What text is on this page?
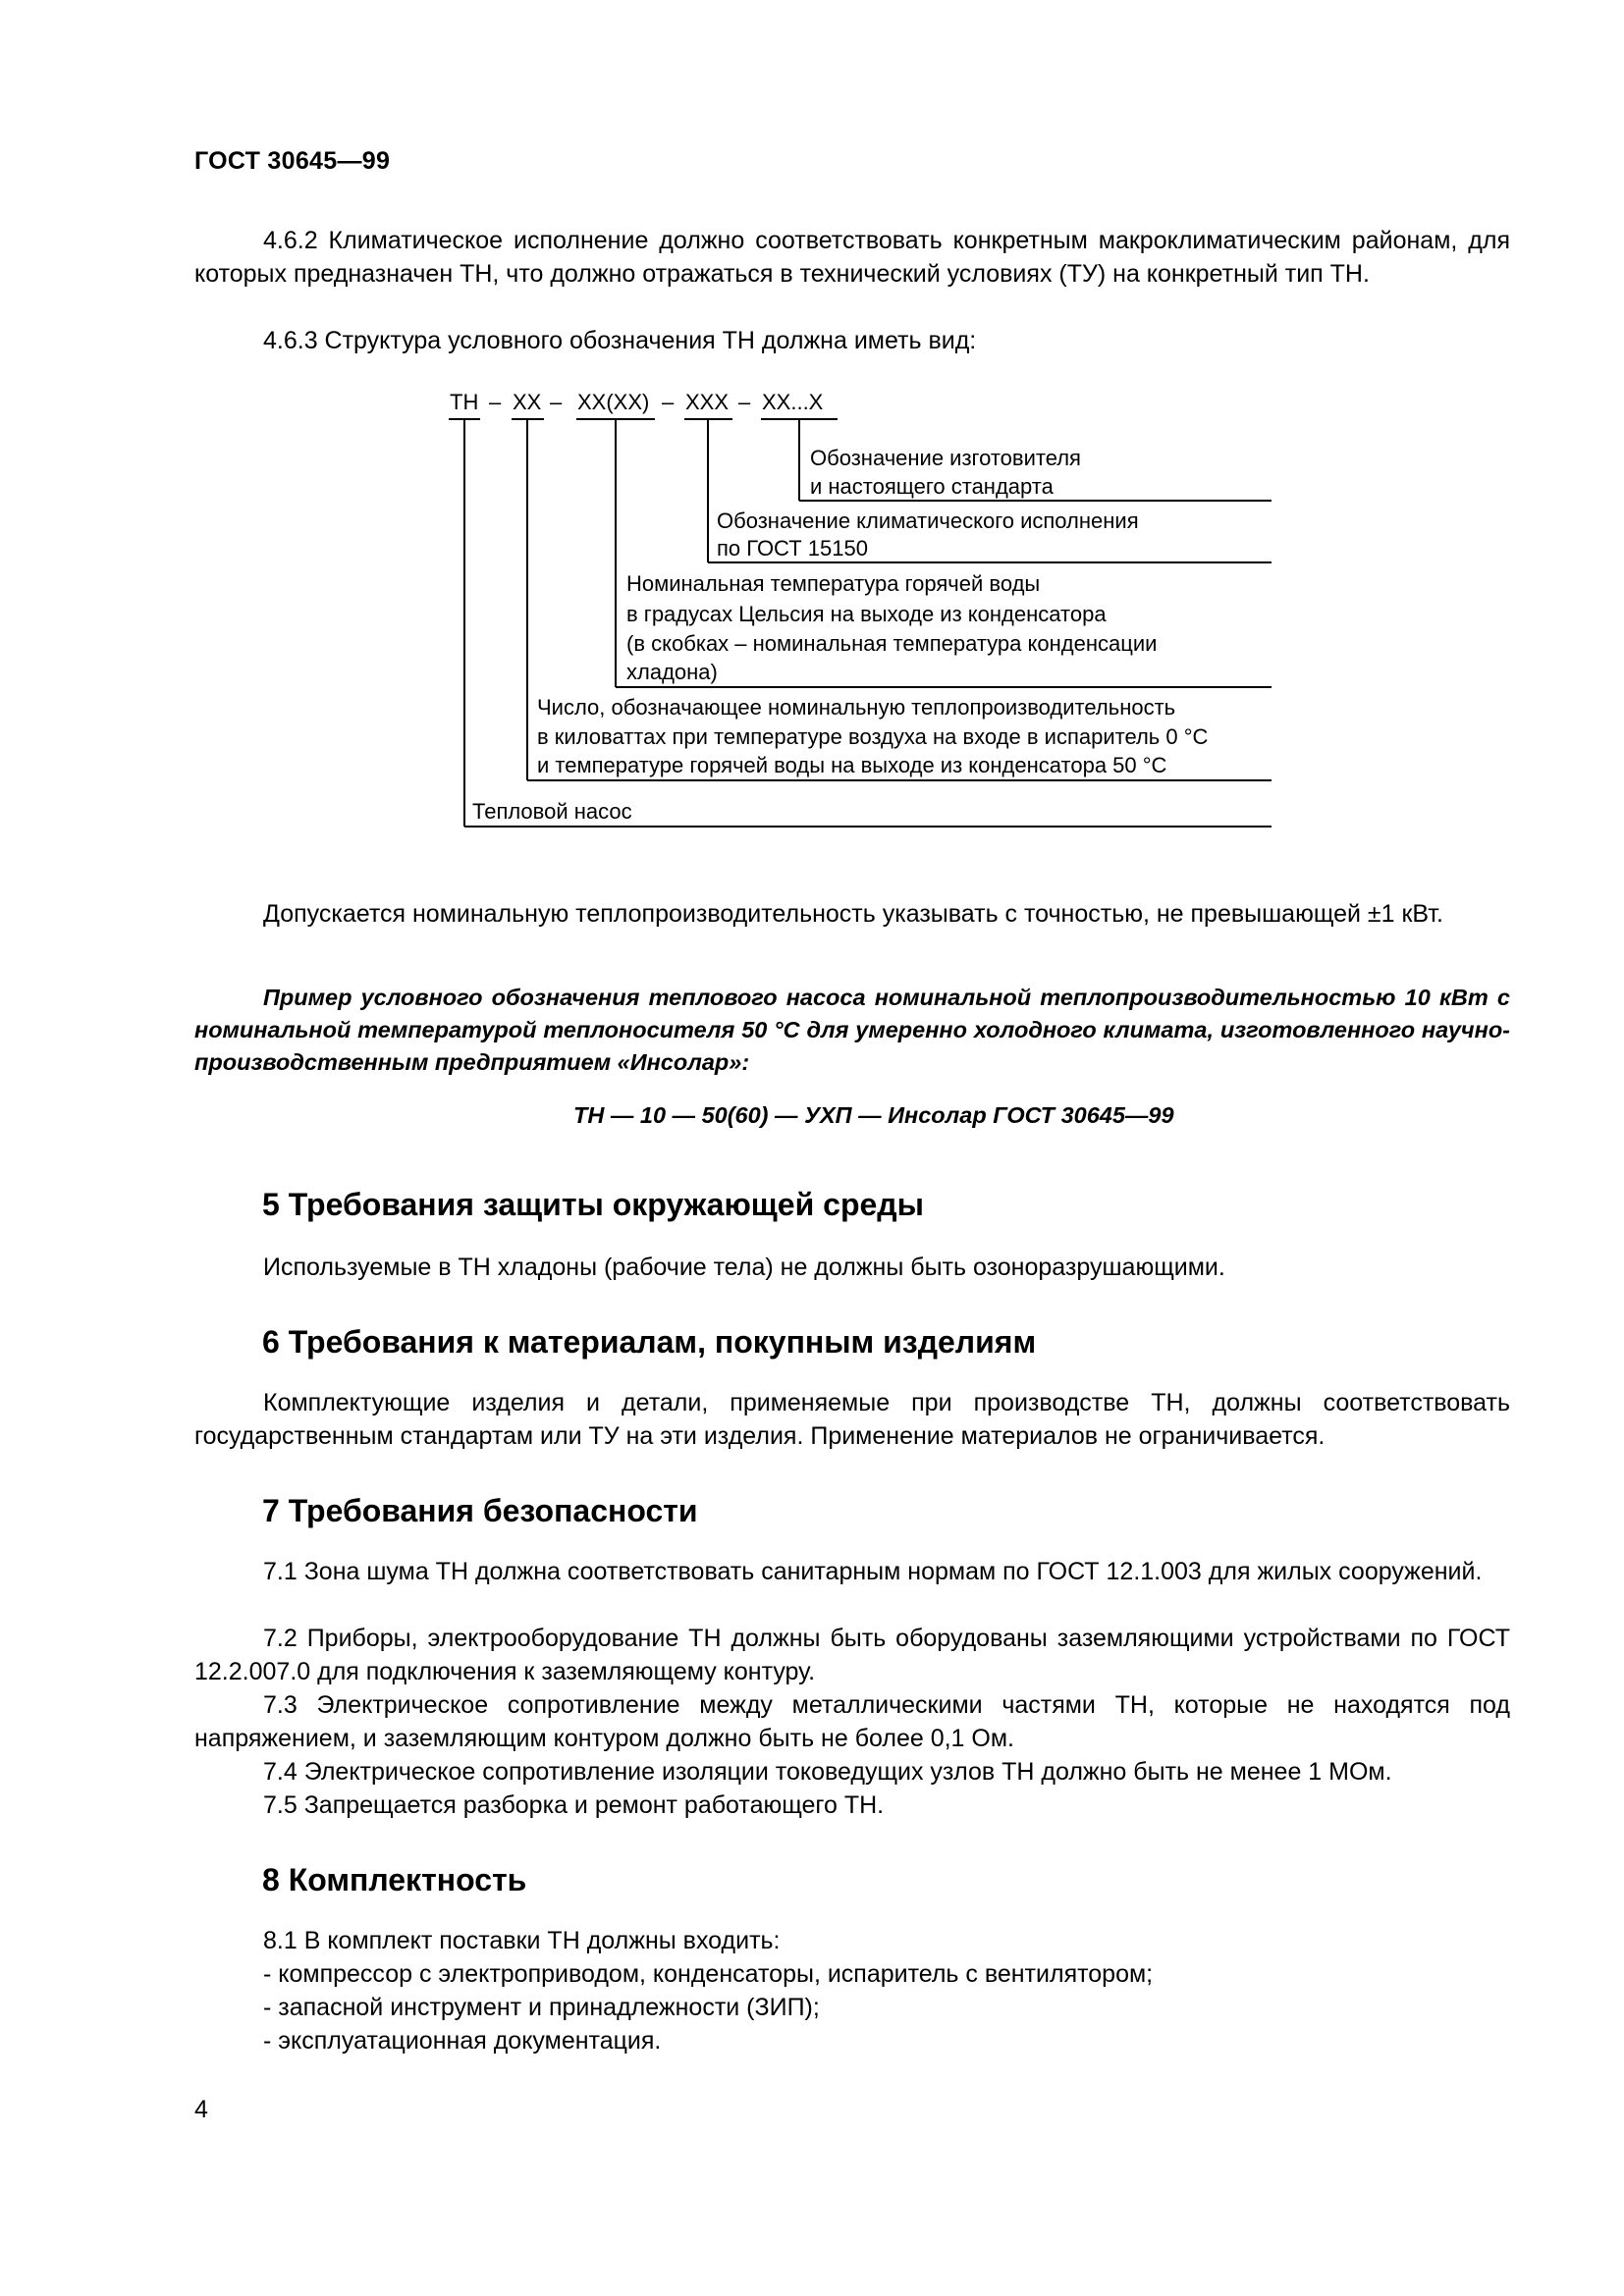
ГОСТ 30645—99

4.6.2 Климатическое исполнение должно соответствовать конкретным макроклиматическим районам, для которых предназначен ТН, что должно отражаться в технический условиях (ТУ) на конкретный тип ТН.

4.6.3 Структура условного обозначения ТН должна иметь вид:
ТН – ХХ – ХХ(ХХ) – ХХХ – ХХ...Х
Обозначение изготовителя
и настоящего стандарта
Обозначение климатического исполнения
по ГОСТ 15150
Номинальная температура горячей воды
в градусах Цельсия на выходе из конденсатора
(в скобках – номинальная температура конденсации
хладона)
Число, обозначающее номинальную теплопроизводительность
в киловаттах при температуре воздуха на входе в испаритель 0 °С
и температуре горячей воды на выходе из конденсатора 50 °С
Тепловой насос

Допускается номинальную теплопроизводительность указывать с точностью, не превышающей ±1 кВт.

Пример условного обозначения теплового насоса номинальной теплопроизводительностью 10 кВт с номинальной температурой теплоносителя 50 °С для умеренно холодного климата, изготовленного научно-производственным предприятием «Инсолар»:

ТН — 10 — 50(60) — УХП — Инсолар ГОСТ 30645—99
5 Требования защиты окружающей среды
Используемые в ТН хладоны (рабочие тела) не должны быть озоноразрушающими.
6 Требования к материалам, покупным изделиям

Комплектующие изделия и детали, применяемые при производстве ТН, должны соответствовать государственным стандартам или ТУ на эти изделия. Применение материалов не ограничивается.

7 Требования безопасности

7.1 Зона шума ТН должна соответствовать санитарным нормам по ГОСТ 12.1.003 для жилых сооружений.

7.2 Приборы, электрооборудование ТН должны быть оборудованы заземляющими устройствами по ГОСТ 12.2.007.0 для подключения к заземляющему контуру.

7.3 Электрическое сопротивление между металлическими частями ТН, которые не находятся под напряжением, и заземляющим контуром должно быть не более 0,1 Ом.

7.4 Электрическое сопротивление изоляции токоведущих узлов ТН должно быть не менее 1 МОм.
7.5 Запрещается разборка и ремонт работающего ТН.
8 Комплектность
8.1 В комплект поставки ТН должны входить:
- компрессор с электроприводом, конденсаторы, испаритель с вентилятором;
- запасной инструмент и принадлежности (ЗИП);
- эксплуатационная документация.
4
